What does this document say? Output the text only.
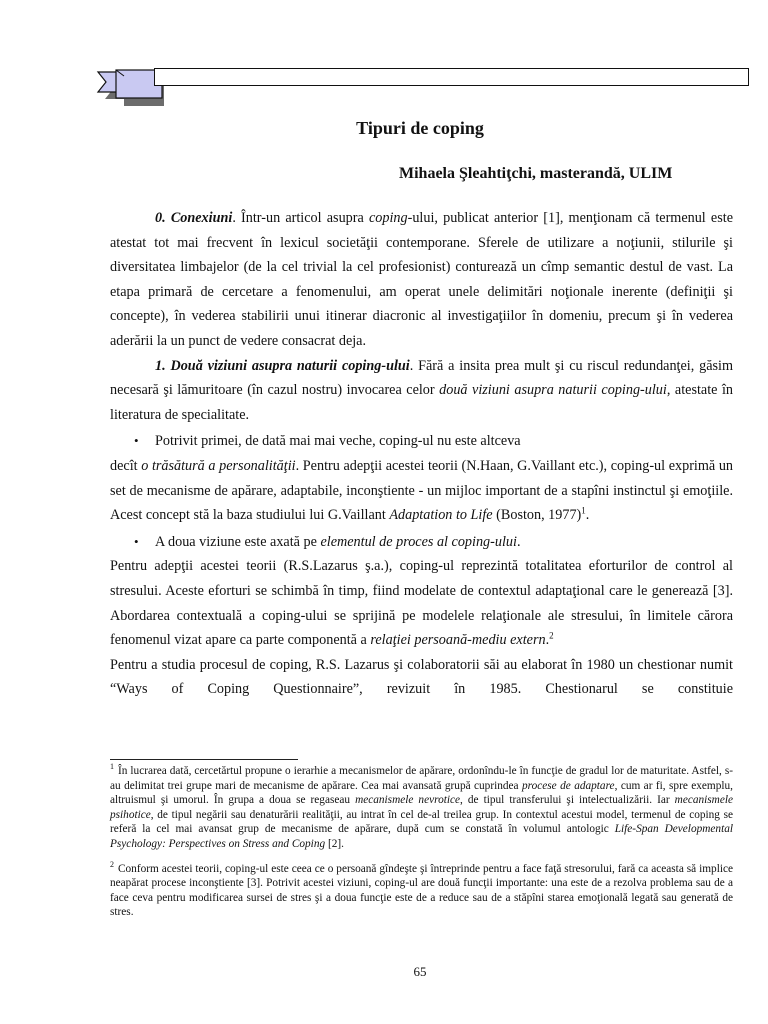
Tipuri de coping
Mihaela Şleahtiţchi, masterandă, ULIM

0. Conexiuni. Într-un articol asupra coping-ului, publicat anterior [1], menţionam că termenul este atestat tot mai frecvent în lexicul societăţii contemporane. Sferele de utilizare a noţiunii, stilurile şi diversitatea limbajelor (de la cel trivial la cel profesionist) conturează un cîmp semantic destul de vast. La etapa primară de cercetare a fenomenului, am operat unele delimitări noţionale inerente (definiţii şi concepte), în vederea stabilirii unui itinerar diacronic al investigaţiilor în domeniu, precum şi în vederea aderării la un punct de vedere consacrat deja.

1. Două viziuni asupra naturii coping-ului. Fără a insita prea mult şi cu riscul redundanţei, găsim necesară şi lămuritoare (în cazul nostru) invocarea celor două viziuni asupra naturii coping-ului, atestate în literatura de specialitate.

• Potrivit primei, de dată mai mai veche, coping-ul nu este altceva

decît o trăsătură a personalităţii. Pentru adepţii acestei teorii (N.Haan, G.Vaillant etc.), coping-ul exprimă un set de mecanisme de apărare, adaptabile, inconştiente - un mijloc important de a stapîni instinctul şi emoţiile. Acest concept stă la baza studiului lui G.Vaillant Adaptation to Life (Boston, 1977)$^1$.

• A doua viziune este axată pe elementul de proces al coping-ului.

Pentru adepţii acestei teorii (R.S.Lazarus ş.a.), coping-ul reprezintă totalitatea eforturilor de control al stresului. Aceste eforturi se schimbă în timp, fiind modelate de contextul adaptaţional care le generează [3]. Abordarea contextuală a coping-ului se sprijină pe modelele relaţionale ale stresului, în limitele cărora fenomenul vizat apare ca parte componentă a relaţiei persoană-mediu extern.$^2$

Pentru a studia procesul de coping, R.S. Lazarus şi colaboratorii săi au elaborat în 1980 un chestionar numit “Ways of Coping Questionnaire”, revizuit în 1985. Chestionarul se constituie

$^1$ În lucrarea dată, cercetărtul propune o ierarhie a mecanismelor de apărare, ordonîndu-le în funcţie de gradul lor de maturitate. Astfel, s-au delimitat trei grupe mari de mecanisme de apărare. Cea mai avansată grupă cuprindea procese de adaptare, cum ar fi, spre exemplu, altruismul şi umorul. În grupa a doua se regaseau mecanismele nevrotice, de tipul transferului şi intelectualizării. Iar mecanismele psihotice, de tipul negării sau denaturării realităţii, au intrat în cel de-al treilea grup. In contextul acestui model, termenul de coping se referă la cel mai avansat grup de mecanisme de apărare, după cum se constată în volumul antologic Life-Span Developmental Psychology: Perspectives on Stress and Coping [2].

$^2$ Conform acestei teorii, coping-ul este ceea ce o persoană gîndeşte şi întreprinde pentru a face faţă stresorului, fară ca aceasta să implice neapărat procese inconştiente [3]. Potrivit acestei viziuni, coping-ul are două funcţii importante: una este de a rezolva problema sau de a face ceva pentru modificarea sursei de stres şi a doua funcţie este de a reduce sau de a stăpîni starea emoţională legată sau generată de stres.

65
